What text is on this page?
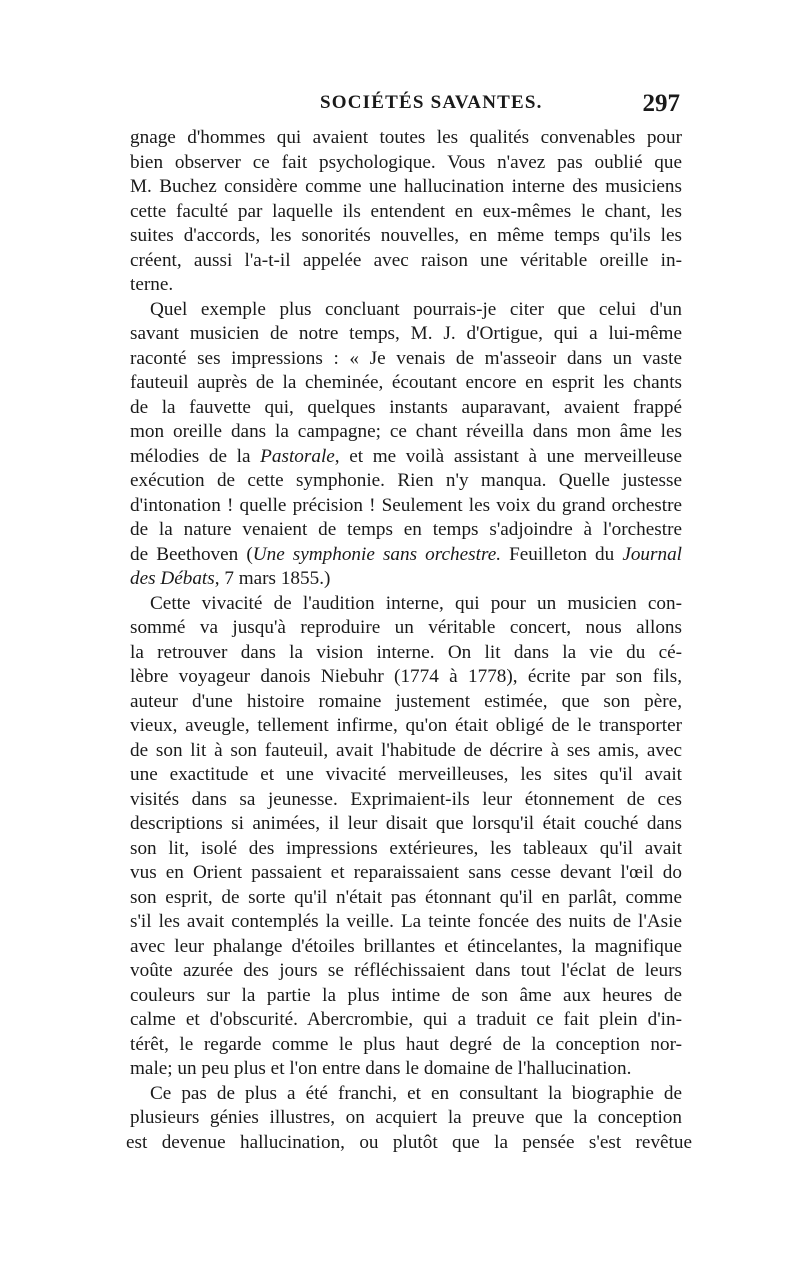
SOCIÉTÉS SAVANTES.	297
gnage d'hommes qui avaient toutes les qualités convenables pour
bien observer ce fait psychologique. Vous n'avez pas oublié que
M. Buchez considère comme une hallucination interne des musiciens
cette faculté par laquelle ils entendent en eux-mêmes le chant, les
suites d'accords, les sonorités nouvelles, en même temps qu'ils les
créent, aussi l'a-t-il appelée avec raison une véritable oreille in-
terne.
Quel exemple plus concluant pourrais-je citer que celui d'un
savant musicien de notre temps, M. J. d'Ortigue, qui a lui-même
raconté ses impressions : « Je venais de m'asseoir dans un vaste
fauteuil auprès de la cheminée, écoutant encore en esprit les chants
de la fauvette qui, quelques instants auparavant, avaient frappé
mon oreille dans la campagne; ce chant réveilla dans mon âme les
mélodies de la Pastorale, et me voilà assistant à une merveilleuse
exécution de cette symphonie. Rien n'y manqua. Quelle justesse
d'intonation ! quelle précision ! Seulement les voix du grand orchestre
de la nature venaient de temps en temps s'adjoindre à l'orchestre
de Beethoven (Une symphonie sans orchestre. Feuilleton du Journal
des Débats, 7 mars 1855.)
Cette vivacité de l'audition interne, qui pour un musicien con-
sommé va jusqu'à reproduire un véritable concert, nous allons
la retrouver dans la vision interne. On lit dans la vie du cé-
lèbre voyageur danois Niebuhr (1774 à 1778), écrite par son fils,
auteur d'une histoire romaine justement estimée, que son père,
vieux, aveugle, tellement infirme, qu'on était obligé de le transporter
de son lit à son fauteuil, avait l'habitude de décrire à ses amis, avec
une exactitude et une vivacité merveilleuses, les sites qu'il avait
visités dans sa jeunesse. Exprimaient-ils leur étonnement de ces
descriptions si animées, il leur disait que lorsqu'il était couché dans
son lit, isolé des impressions extérieures, les tableaux qu'il avait
vus en Orient passaient et reparaissaient sans cesse devant l'œil do
son esprit, de sorte qu'il n'était pas étonnant qu'il en parlât, comme
s'il les avait contemplés la veille. La teinte foncée des nuits de l'Asie
avec leur phalange d'étoiles brillantes et étincelantes, la magnifique
voûte azurée des jours se réfléchissaient dans tout l'éclat de leurs
couleurs sur la partie la plus intime de son âme aux heures de
calme et d'obscurité. Abercrombie, qui a traduit ce fait plein d'in-
térêt, le regarde comme le plus haut degré de la conception nor-
male; un peu plus et l'on entre dans le domaine de l'hallucination.
Ce pas de plus a été franchi, et en consultant la biographie de
plusieurs génies illustres, on acquiert la preuve que la conception
est devenue hallucination, ou plutôt que la pensée s'est revêtue
